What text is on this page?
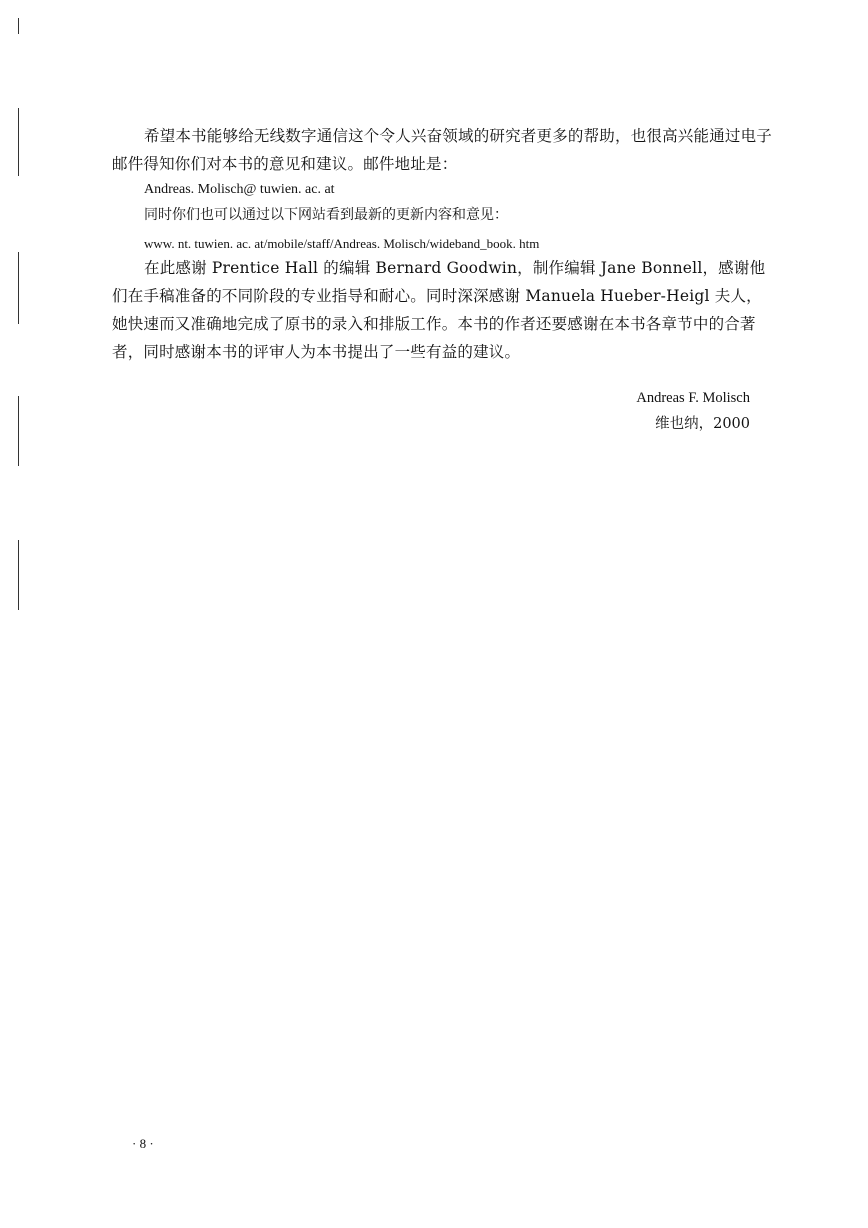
希望本书能够给无线数字通信这个令人兴奋领域的研究者更多的帮助，也很高兴能通过电子邮件得知你们对本书的意见和建议。邮件地址是：

Andreas. Molisch@ tuwien. ac. at

同时你们也可以通过以下网站看到最新的更新内容和意见：

www. nt. tuwien. ac. at/mobile/staff/Andreas. Molisch/wideband_book. htm

在此感谢 Prentice Hall 的编辑 Bernard Goodwin，制作编辑 Jane Bonnell，感谢他们在手稿准备的不同阶段的专业指导和耐心。同时深深感谢 Manuela Hueber-Heigl 夫人，她快速而又准确地完成了原书的录入和排版工作。本书的作者还要感谢在本书各章节中的合著者，同时感谢本书的评审人为本书提出了一些有益的建议。

Andreas F. Molisch

维也纳，2000

· 8 ·
